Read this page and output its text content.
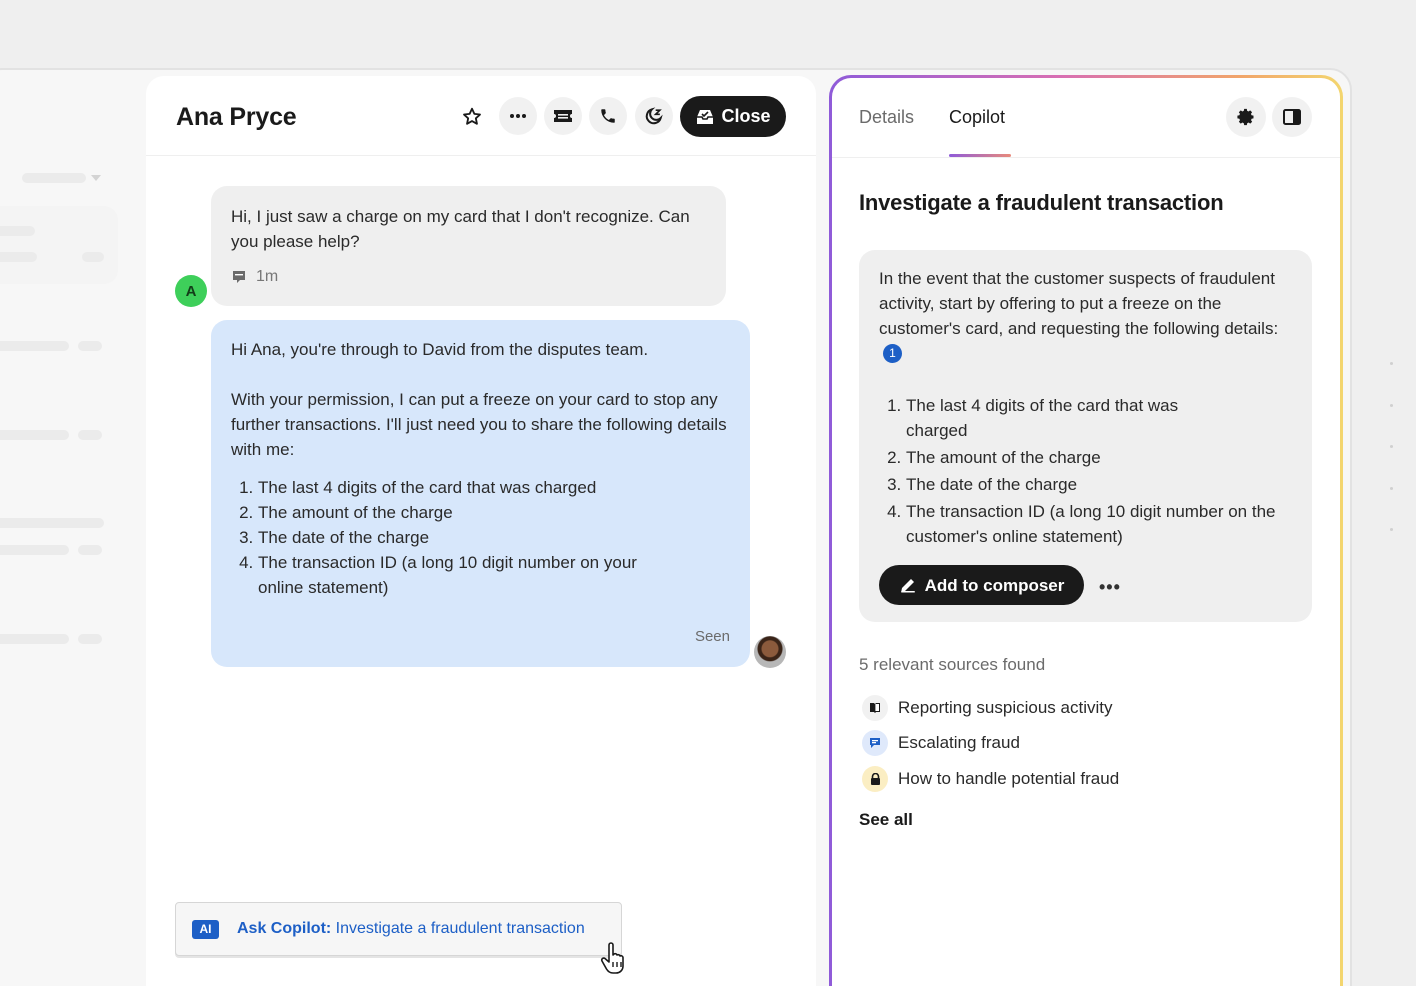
Ana Pryce	Close
Hi, I just saw a charge on my card that I don't recognize. Can you please help?
1m
A

Hi Ana, you're through to David from the disputes team.

With your permission, I can put a freeze on your card to stop any further transactions. I'll just need you to share the following details with me:

1. The last 4 digits of the card that was charged
2. The amount of the charge
3. The date of the charge
4. The transaction ID (a long 10 digit number on your online statement)
Seen
AI	Ask Copilot: Investigate a fraudulent transaction
Details Copilot
Investigate a fraudulent transaction
In the event that the customer suspects of fraudulent activity, start by offering to put a freeze on the customer's card, and requesting the following details:1
1. The last 4 digits of the card that was charged
2. The amount of the charge
3. The date of the charge
4. The transaction ID (a long 10 digit number on the customer's online statement)
Add to composer •••
5 relevant sources found
Reporting suspicious activity
Escalating fraud
How to handle potential fraud
See all
